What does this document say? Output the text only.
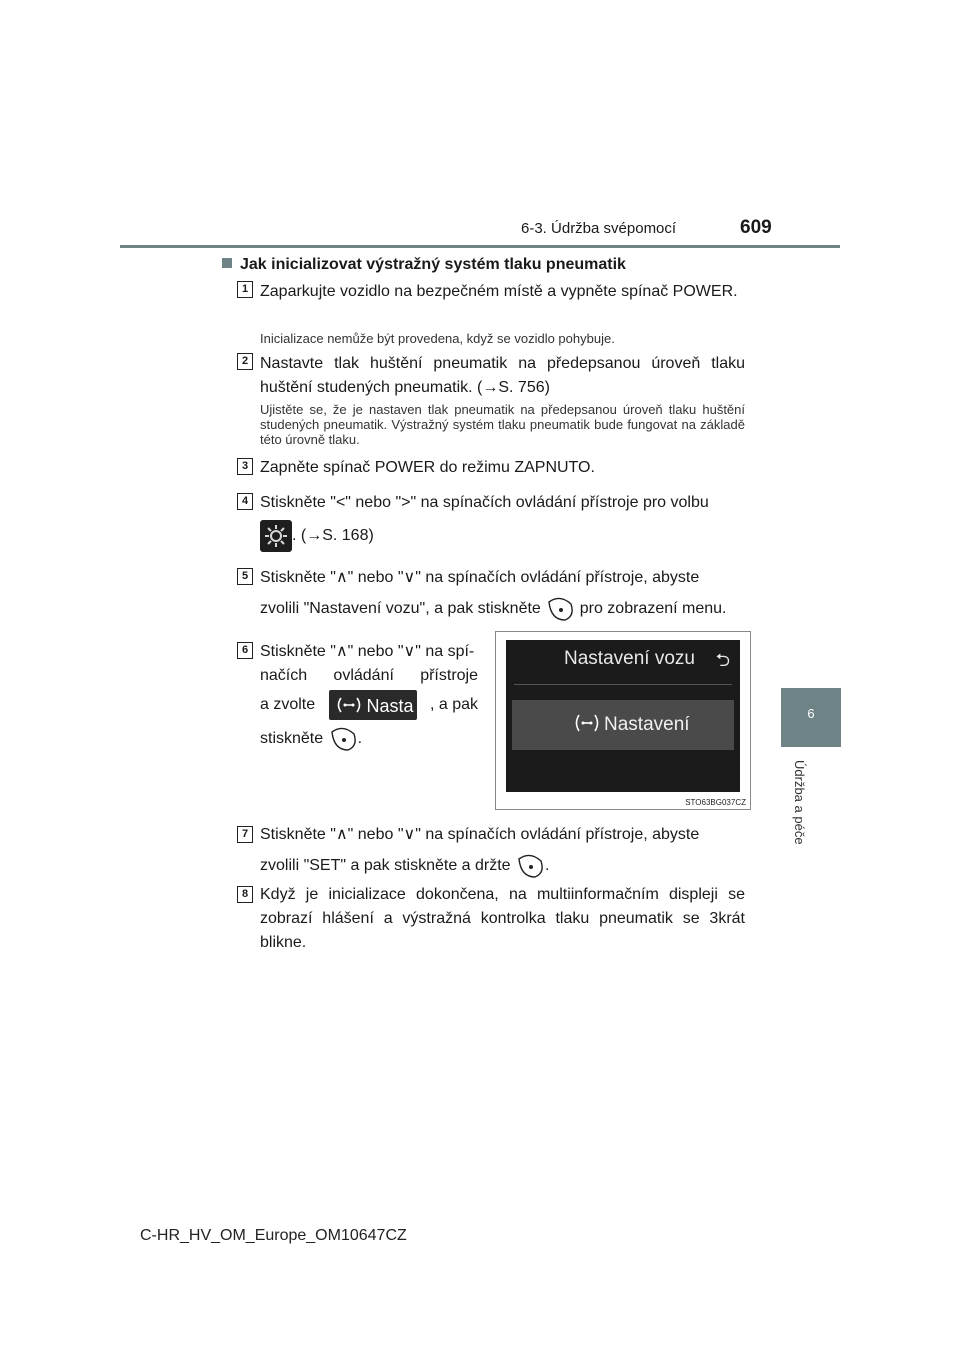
6-3. Údržba svépomocí	609
6
Údržba a péče
Jak inicializovat výstražný systém tlaku pneumatik
1 Zaparkujte vozidlo na bezpečném místě a vypněte spínač POWER.
Inicializace nemůže být provedena, když se vozidlo pohybuje.
2 Nastavte tlak huštění pneumatik na předepsanou úroveň tlaku huštění studených pneumatik. (→S. 756)
Ujistěte se, že je nastaven tlak pneumatik na předepsanou úroveň tlaku huštění studených pneumatik. Výstražný systém tlaku pneumatik bude fungovat na základě této úrovně tlaku.
3 Zapněte spínač POWER do režimu ZAPNUTO.
4 Stiskněte "<" nebo ">" na spínačích ovládání přístroje pro volbu
. (→S. 168)
5 Stiskněte "∧" nebo "∨" na spínačích ovládání přístroje, abyste
zvolili "Nastavení vozu", a pak stiskněte pro zobrazení menu.
6 Stiskněte "∧" nebo "∨" na spí-
načích ovládání přístroje
a zvolte	Nasta , a pak
stiskněte .
Nastavení vozu ⮌
Nastavení
STO63BG037CZ
7 Stiskněte "∧" nebo "∨" na spínačích ovládání přístroje, abyste
zvolili "SET" a pak stiskněte a držte .
8 Když je inicializace dokončena, na multiinformačním displeji se zobrazí hlášení a výstražná kontrolka tlaku pneumatik se 3krát blikne.
C-HR_HV_OM_Europe_OM10647CZ
